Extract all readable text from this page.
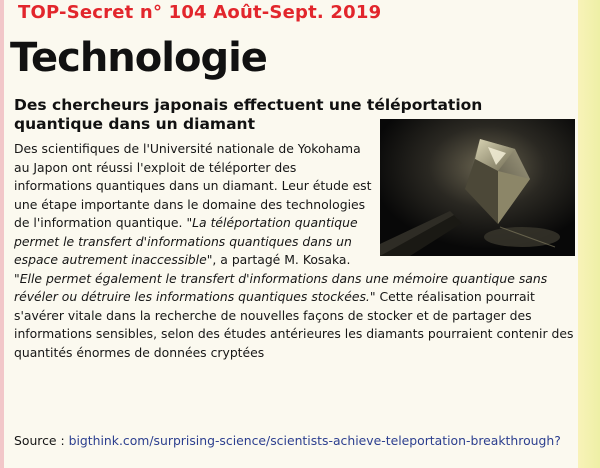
TOP-Secret n° 104 Août-Sept. 2019
Technologie
Des chercheurs japonais effectuent une téléportation quantique dans un diamant

Des scientifiques de l'Université nationale de Yokohama au Japon ont réussi l'exploit de téléporter des informations quantiques dans un diamant. Leur étude est une étape importante dans le domaine des technologies de l'information quantique. "La téléportation quantique permet le transfert d'informations quantiques dans un espace autrement inaccessible", a partagé M. Kosaka. "Elle permet également le transfert d'informations dans une mémoire quantique sans révéler ou détruire les informations quantiques stockées." Cette réalisation pourrait s'avérer vitale dans la recherche de nouvelles façons de stocker et de partager des informations sensibles, selon des études antérieures les diamants pourraient contenir des quantités énormes de données cryptées

Source : bigthink.com/surprising-science/scientists-achieve-teleportation-breakthrough?
